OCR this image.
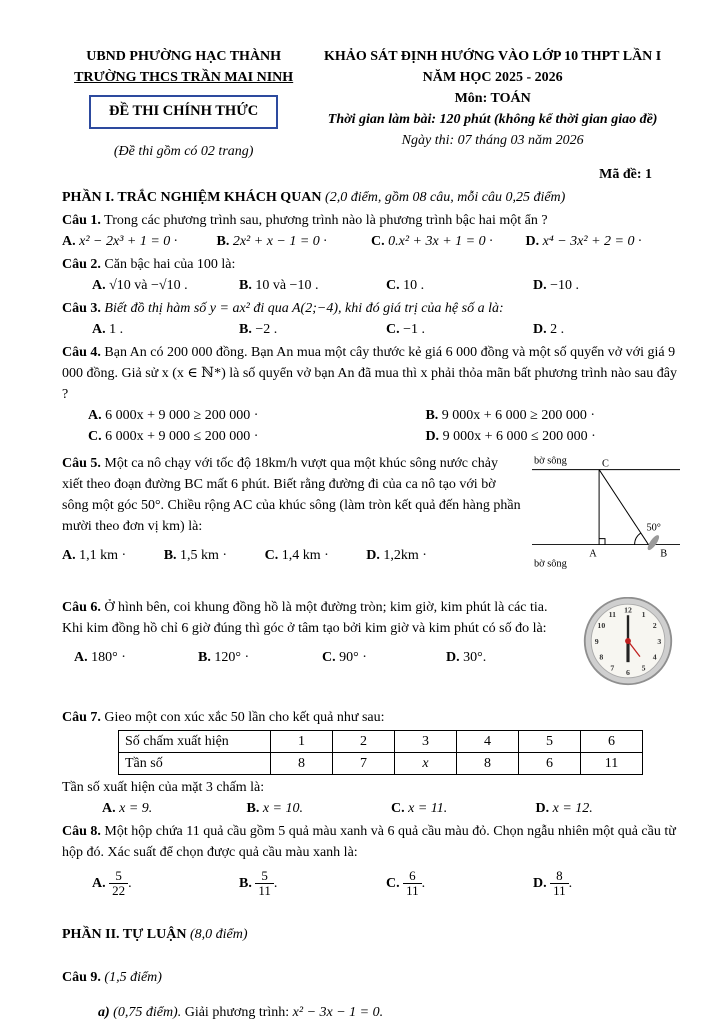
UBND PHƯỜNG HẠC THÀNH
TRƯỜNG THCS TRẦN MAI NINH
ĐỀ THI CHÍNH THỨC
(Đề thi gồm có 02 trang)
KHẢO SÁT ĐỊNH HƯỚNG VÀO LỚP 10 THPT LẦN I
NĂM HỌC 2025 - 2026
Môn: TOÁN
Thời gian làm bài: 120 phút (không kể thời gian giao đề)
Ngày thi: 07 tháng 03 năm 2026
Mã đề: 1
PHẦN I. TRẮC NGHIỆM KHÁCH QUAN (2,0 điểm, gồm 08 câu, mỗi câu 0,25 điểm)
Câu 1. Trong các phương trình sau, phương trình nào là phương trình bậc hai một ẩn ?
A. x² − 2x³ + 1 = 0 ·	B. 2x² + x − 1 = 0 ·	C. 0.x² + 3x + 1 = 0 ·	D. x⁴ − 3x² + 2 = 0 ·
Câu 2. Căn bậc hai của 100 là:
A. √10 và −√10 .	B. 10 và −10 .	C. 10 .	D. −10 .
Câu 3. Biết đồ thị hàm số y = ax² đi qua A(2;−4), khi đó giá trị của hệ số a là:
A. 1 .	B. −2 .	C. −1 .	D. 2 .
Câu 4. Bạn An có 200 000 đồng. Bạn An mua một cây thước kẻ giá 6 000 đồng và một số quyển vở với giá 9 000 đồng. Giả sử x (x ∈ ℕ*) là số quyển vở bạn An đã mua thì x phải thỏa mãn bất phương trình nào sau đây ?
A. 6 000x + 9 000 ≥ 200 000 ·	B. 9 000x + 6 000 ≥ 200 000 ·
C. 6 000x + 9 000 ≤ 200 000 ·	D. 9 000x + 6 000 ≤ 200 000 ·
bờ sông	C
50°
A	B
bờ sông
Câu 5. Một ca nô chạy với tốc độ 18km/h vượt qua một khúc sông nước chảy xiết theo đoạn đường BC mất 6 phút. Biết rằng đường đi của ca nô tạo với bờ sông một góc 50°. Chiều rộng AC của khúc sông (làm tròn kết quả đến hàng phần mười theo đơn vị km) là:
A. 1,1 km ·	B. 1,5 km ·	C. 1,4 km ·	D. 1,2km ·
12
1
2
3
4
5
6
7
8
9
10
11
Câu 6. Ở hình bên, coi khung đồng hồ là một đường tròn; kim giờ, kim phút là các tia. Khi kim đồng hồ chỉ 6 giờ đúng thì góc ở tâm tạo bởi kim giờ và kim phút có số đo là:
A. 180° ·	B. 120° ·	C. 90° ·	D. 30°.
Câu 7. Gieo một con xúc xắc 50 lần cho kết quả như sau:
Số chấm xuất hiện	1	2	3	4	5	6
Tần số	8	7	x	8	6	11
Tần số xuất hiện của mặt 3 chấm là:
A. x = 9.	B. x = 10.	C. x = 11.	D. x = 12.
Câu 8. Một hộp chứa 11 quả cầu gồm 5 quả màu xanh và 6 quả cầu màu đỏ. Chọn ngẫu nhiên một quả cầu từ hộp đó. Xác suất để chọn được quả cầu màu xanh là:
A. $\frac{5}{22}$ .	B. $\frac{5}{11}$ .	C. $\frac{6}{11}$ .	D. $\frac{8}{11}$ .
PHẦN II. TỰ LUẬN (8,0 điểm)
Câu 9. (1,5 điểm)
a) (0,75 điểm). Giải phương trình: x² − 3x − 1 = 0.
